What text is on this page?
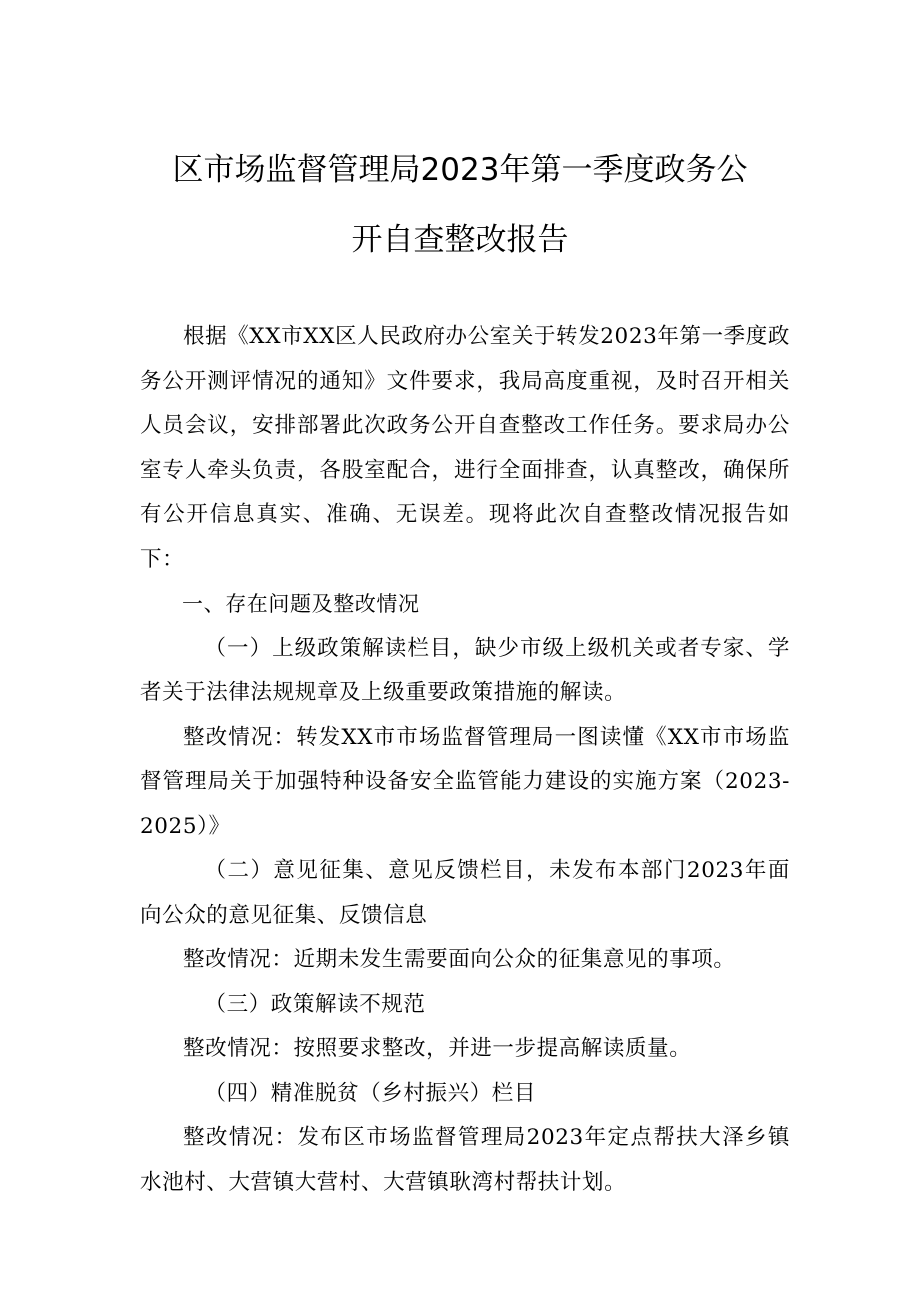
区市场监督管理局2023年第一季度政务公
开自查整改报告

根据《XX市XX区人民政府办公室关于转发2023年第一季度政务公开测评情况的通知》文件要求，我局高度重视，及时召开相关人员会议，安排部署此次政务公开自查整改工作任务。要求局办公室专人牵头负责，各股室配合，进行全面排查，认真整改，确保所有公开信息真实、准确、无误差。现将此次自查整改情况报告如下：

一、存在问题及整改情况

（一）上级政策解读栏目，缺少市级上级机关或者专家、学者关于法律法规规章及上级重要政策措施的解读。

整改情况：转发XX市市场监督管理局一图读懂《XX市市场监督管理局关于加强特种设备安全监管能力建设的实施方案（2023-2025）》

（二）意见征集、意见反馈栏目，未发布本部门2023年面向公众的意见征集、反馈信息

整改情况：近期未发生需要面向公众的征集意见的事项。

（三）政策解读不规范

整改情况：按照要求整改，并进一步提高解读质量。

（四）精准脱贫（乡村振兴）栏目

整改情况：发布区市场监督管理局2023年定点帮扶大泽乡镇水池村、大营镇大营村、大营镇耿湾村帮扶计划。
